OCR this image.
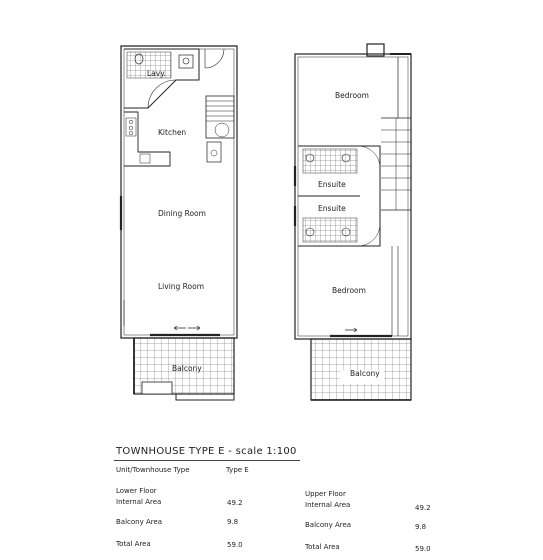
Lavy.
Kitchen
Dining Room
Living Room
Balcony
Bedroom
Ensuite
Ensuite
Bedroom
Balcony
TOWNHOUSE TYPE E - scale 1:100
Unit/Townhouse Type	Type E
Lower Floor
Internal Area	49.2
Balcony Area	9.8
Total Area	59.0
Upper Floor
Internal Area	49.2
Balcony Area	9.8
Total Area	59.0
